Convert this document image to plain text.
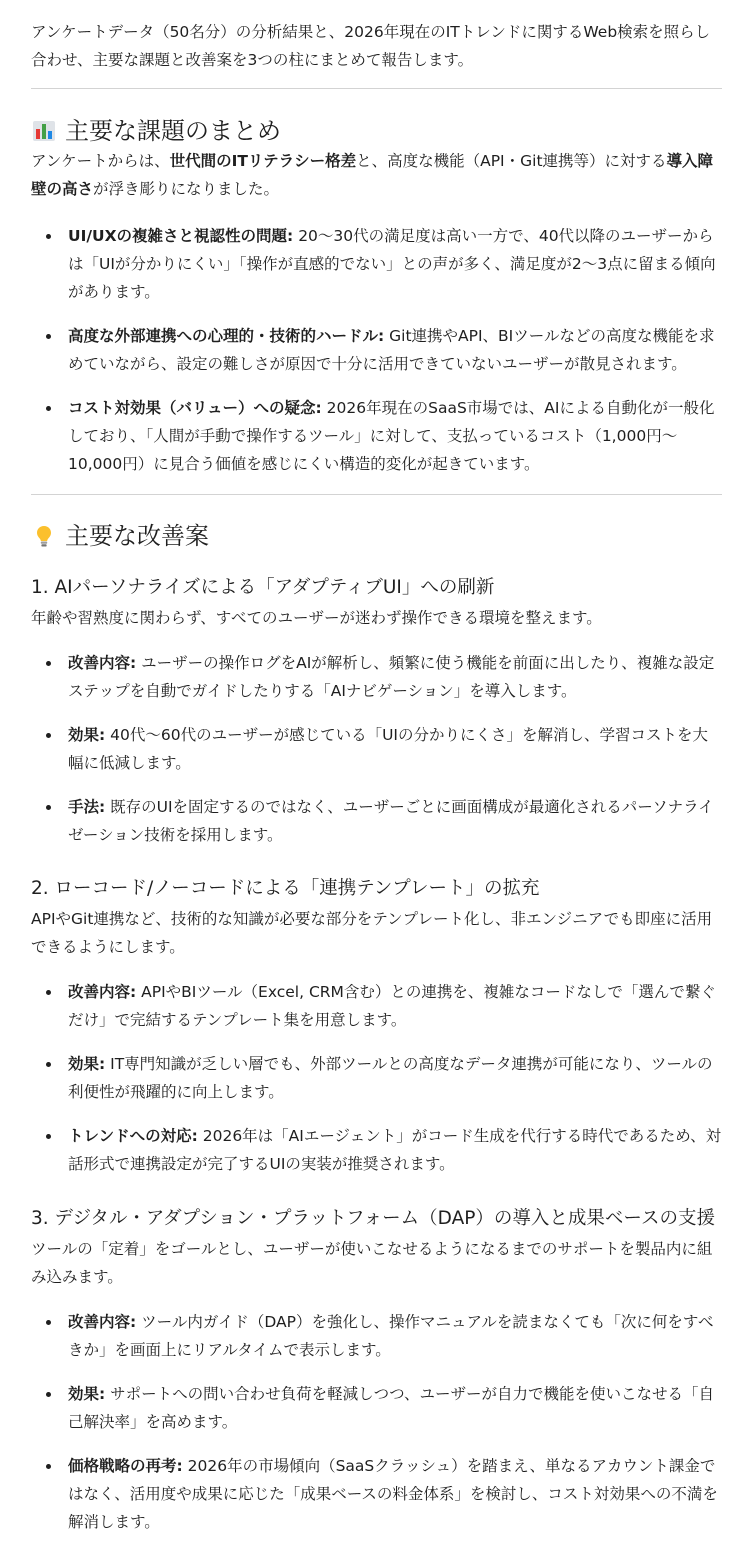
アンケートデータ（50名分）の分析結果と、2026年現在のITトレンドに関するWeb検索を照らし合わせ、主要な課題と改善案を3つの柱にまとめて報告します。

主要な課題のまとめ

アンケートからは、世代間のITリテラシー格差と、高度な機能（API・Git連携等）に対する導入障壁の高さが浮き彫りになりました。

UI/UXの複雑さと視認性の問題: 20〜30代の満足度は高い一方で、40代以降のユーザーからは「UIが分かりにくい」「操作が直感的でない」との声が多く、満足度が2〜3点に留まる傾向があります。
高度な外部連携への心理的・技術的ハードル: Git連携やAPI、BIツールなどの高度な機能を求めていながら、設定の難しさが原因で十分に活用できていないユーザーが散見されます。
コスト対効果（バリュー）への疑念: 2026年現在のSaaS市場では、AIによる自動化が一般化しており、「人間が手動で操作するツール」に対して、支払っているコスト（1,000円〜10,000円）に見合う価値を感じにくい構造的変化が起きています。
主要な改善案
1. AIパーソナライズによる「アダプティブUI」への刷新

年齢や習熟度に関わらず、すべてのユーザーが迷わず操作できる環境を整えます。

改善内容: ユーザーの操作ログをAIが解析し、頻繁に使う機能を前面に出したり、複雑な設定ステップを自動でガイドしたりする「AIナビゲーション」を導入します。
効果: 40代〜60代のユーザーが感じている「UIの分かりにくさ」を解消し、学習コストを大幅に低減します。
手法: 既存のUIを固定するのではなく、ユーザーごとに画面構成が最適化されるパーソナライゼーション技術を採用します。
2. ローコード/ノーコードによる「連携テンプレート」の拡充

APIやGit連携など、技術的な知識が必要な部分をテンプレート化し、非エンジニアでも即座に活用できるようにします。

改善内容: APIやBIツール（Excel, CRM含む）との連携を、複雑なコードなしで「選んで繋ぐだけ」で完結するテンプレート集を用意します。
効果: IT専門知識が乏しい層でも、外部ツールとの高度なデータ連携が可能になり、ツールの利便性が飛躍的に向上します。
トレンドへの対応: 2026年は「AIエージェント」がコード生成を代行する時代であるため、対話形式で連携設定が完了するUIの実装が推奨されます。
3. デジタル・アダプション・プラットフォーム（DAP）の導入と成果ベースの支援

ツールの「定着」をゴールとし、ユーザーが使いこなせるようになるまでのサポートを製品内に組み込みます。

改善内容: ツール内ガイド（DAP）を強化し、操作マニュアルを読まなくても「次に何をすべきか」を画面上にリアルタイムで表示します。
効果: サポートへの問い合わせ負荷を軽減しつつ、ユーザーが自力で機能を使いこなせる「自己解決率」を高めます。
価格戦略の再考: 2026年の市場傾向（SaaSクラッシュ）を踏まえ、単なるアカウント課金ではなく、活用度や成果に応じた「成果ベースの料金体系」を検討し、コスト対効果への不満を解消します。
